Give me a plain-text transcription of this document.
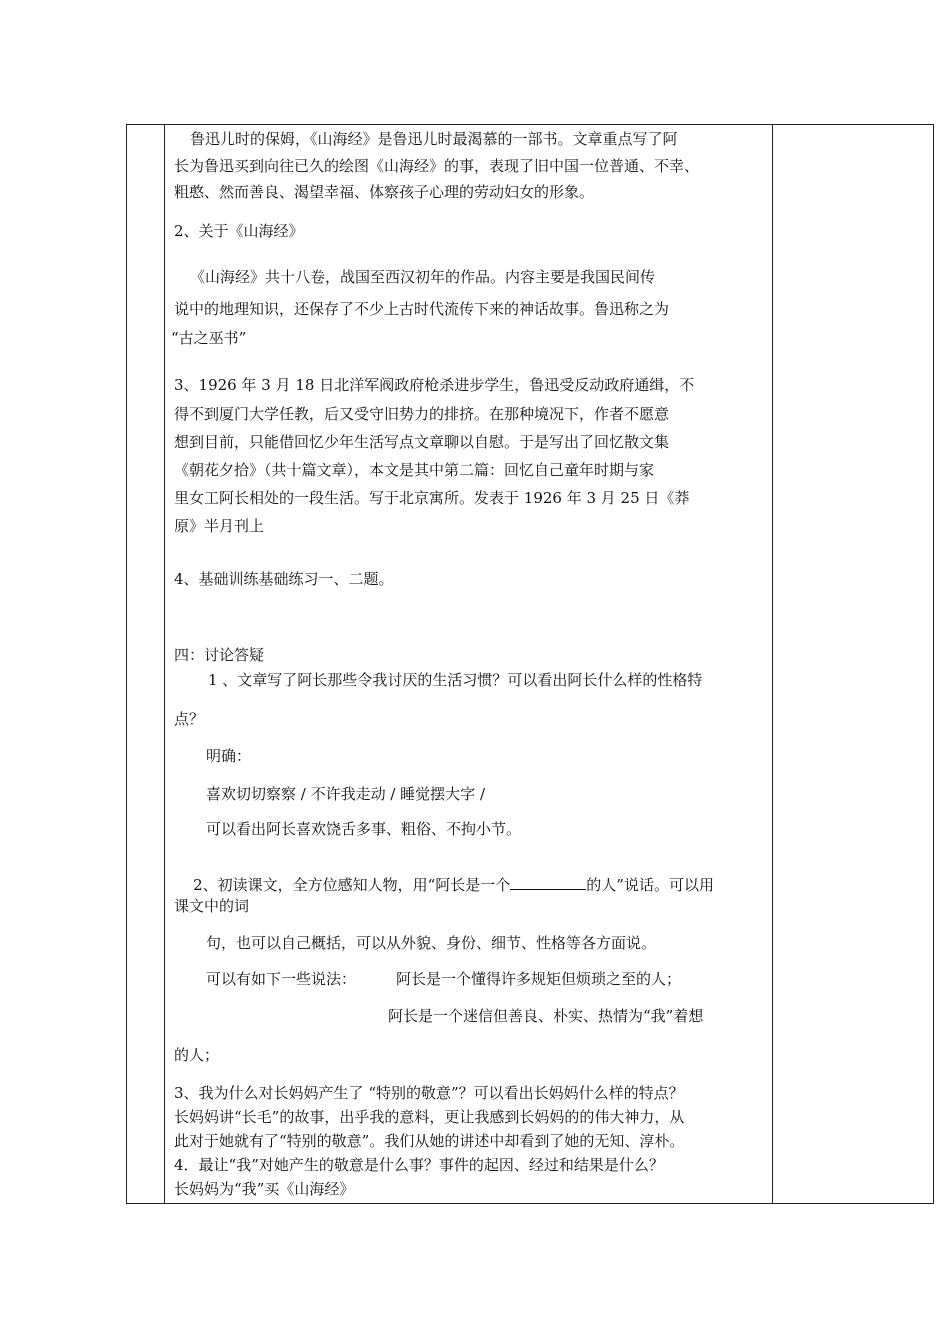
鲁迅儿时的保姆，《山海经》是鲁迅儿时最渴慕的一部书。文章重点写了阿
长为鲁迅买到向往已久的绘图《山海经》的事，表现了旧中国一位普通、不幸、
粗憨、然而善良、渴望幸福、体察孩子心理的劳动妇女的形象。
2、关于《山海经》
《山海经》共十八卷，战国至西汉初年的作品。内容主要是我国民间传
说中的地理知识，还保存了不少上古时代流传下来的神话故事。鲁迅称之为
“古之巫书”
3、1926 年 3 月 18 日北洋军阀政府枪杀进步学生，鲁迅受反动政府通缉，不
得不到厦门大学任教，后又受守旧势力的排挤。在那种境况下，作者不愿意
想到目前，只能借回忆少年生活写点文章聊以自慰。于是写出了回忆散文集
《朝花夕拾》（共十篇文章），本文是其中第二篇：回忆自己童年时期与家
里女工阿长相处的一段生活。写于北京寓所。发表于 1926 年 3 月 25 日《莽
原》半月刊上
4、基础训练基础练习一、二题。
四：讨论答疑
1 、文章写了阿长那些令我讨厌的生活习惯？可以看出阿长什么样的性格特
点？
明确：
喜欢切切察察 / 不许我走动 / 睡觉摆大字 /
可以看出阿长喜欢饶舌多事、粗俗、不拘小节。

2、初读课文，全方位感知人物，用“阿长是一个	的人”说话。可以用

课文中的词
句，也可以自己概括，可以从外貌、身份、细节、性格等各方面说。
可以有如下一些说法：	阿长是一个懂得许多规矩但烦琐之至的人；
阿长是一个迷信但善良、朴实、热情为“我”着想
的人；
3、我为什么对长妈妈产生了 “特别的敬意”？可以看出长妈妈什么样的特点？
长妈妈讲“长毛”的故事，出乎我的意料，更让我感到长妈妈的的伟大神力，从
此对于她就有了“特别的敬意”。我们从她的讲述中却看到了她的无知、淳朴。
4．最让“我”对她产生的敬意是什么事？事件的起因、经过和结果是什么？
长妈妈为“我”买《山海经》
